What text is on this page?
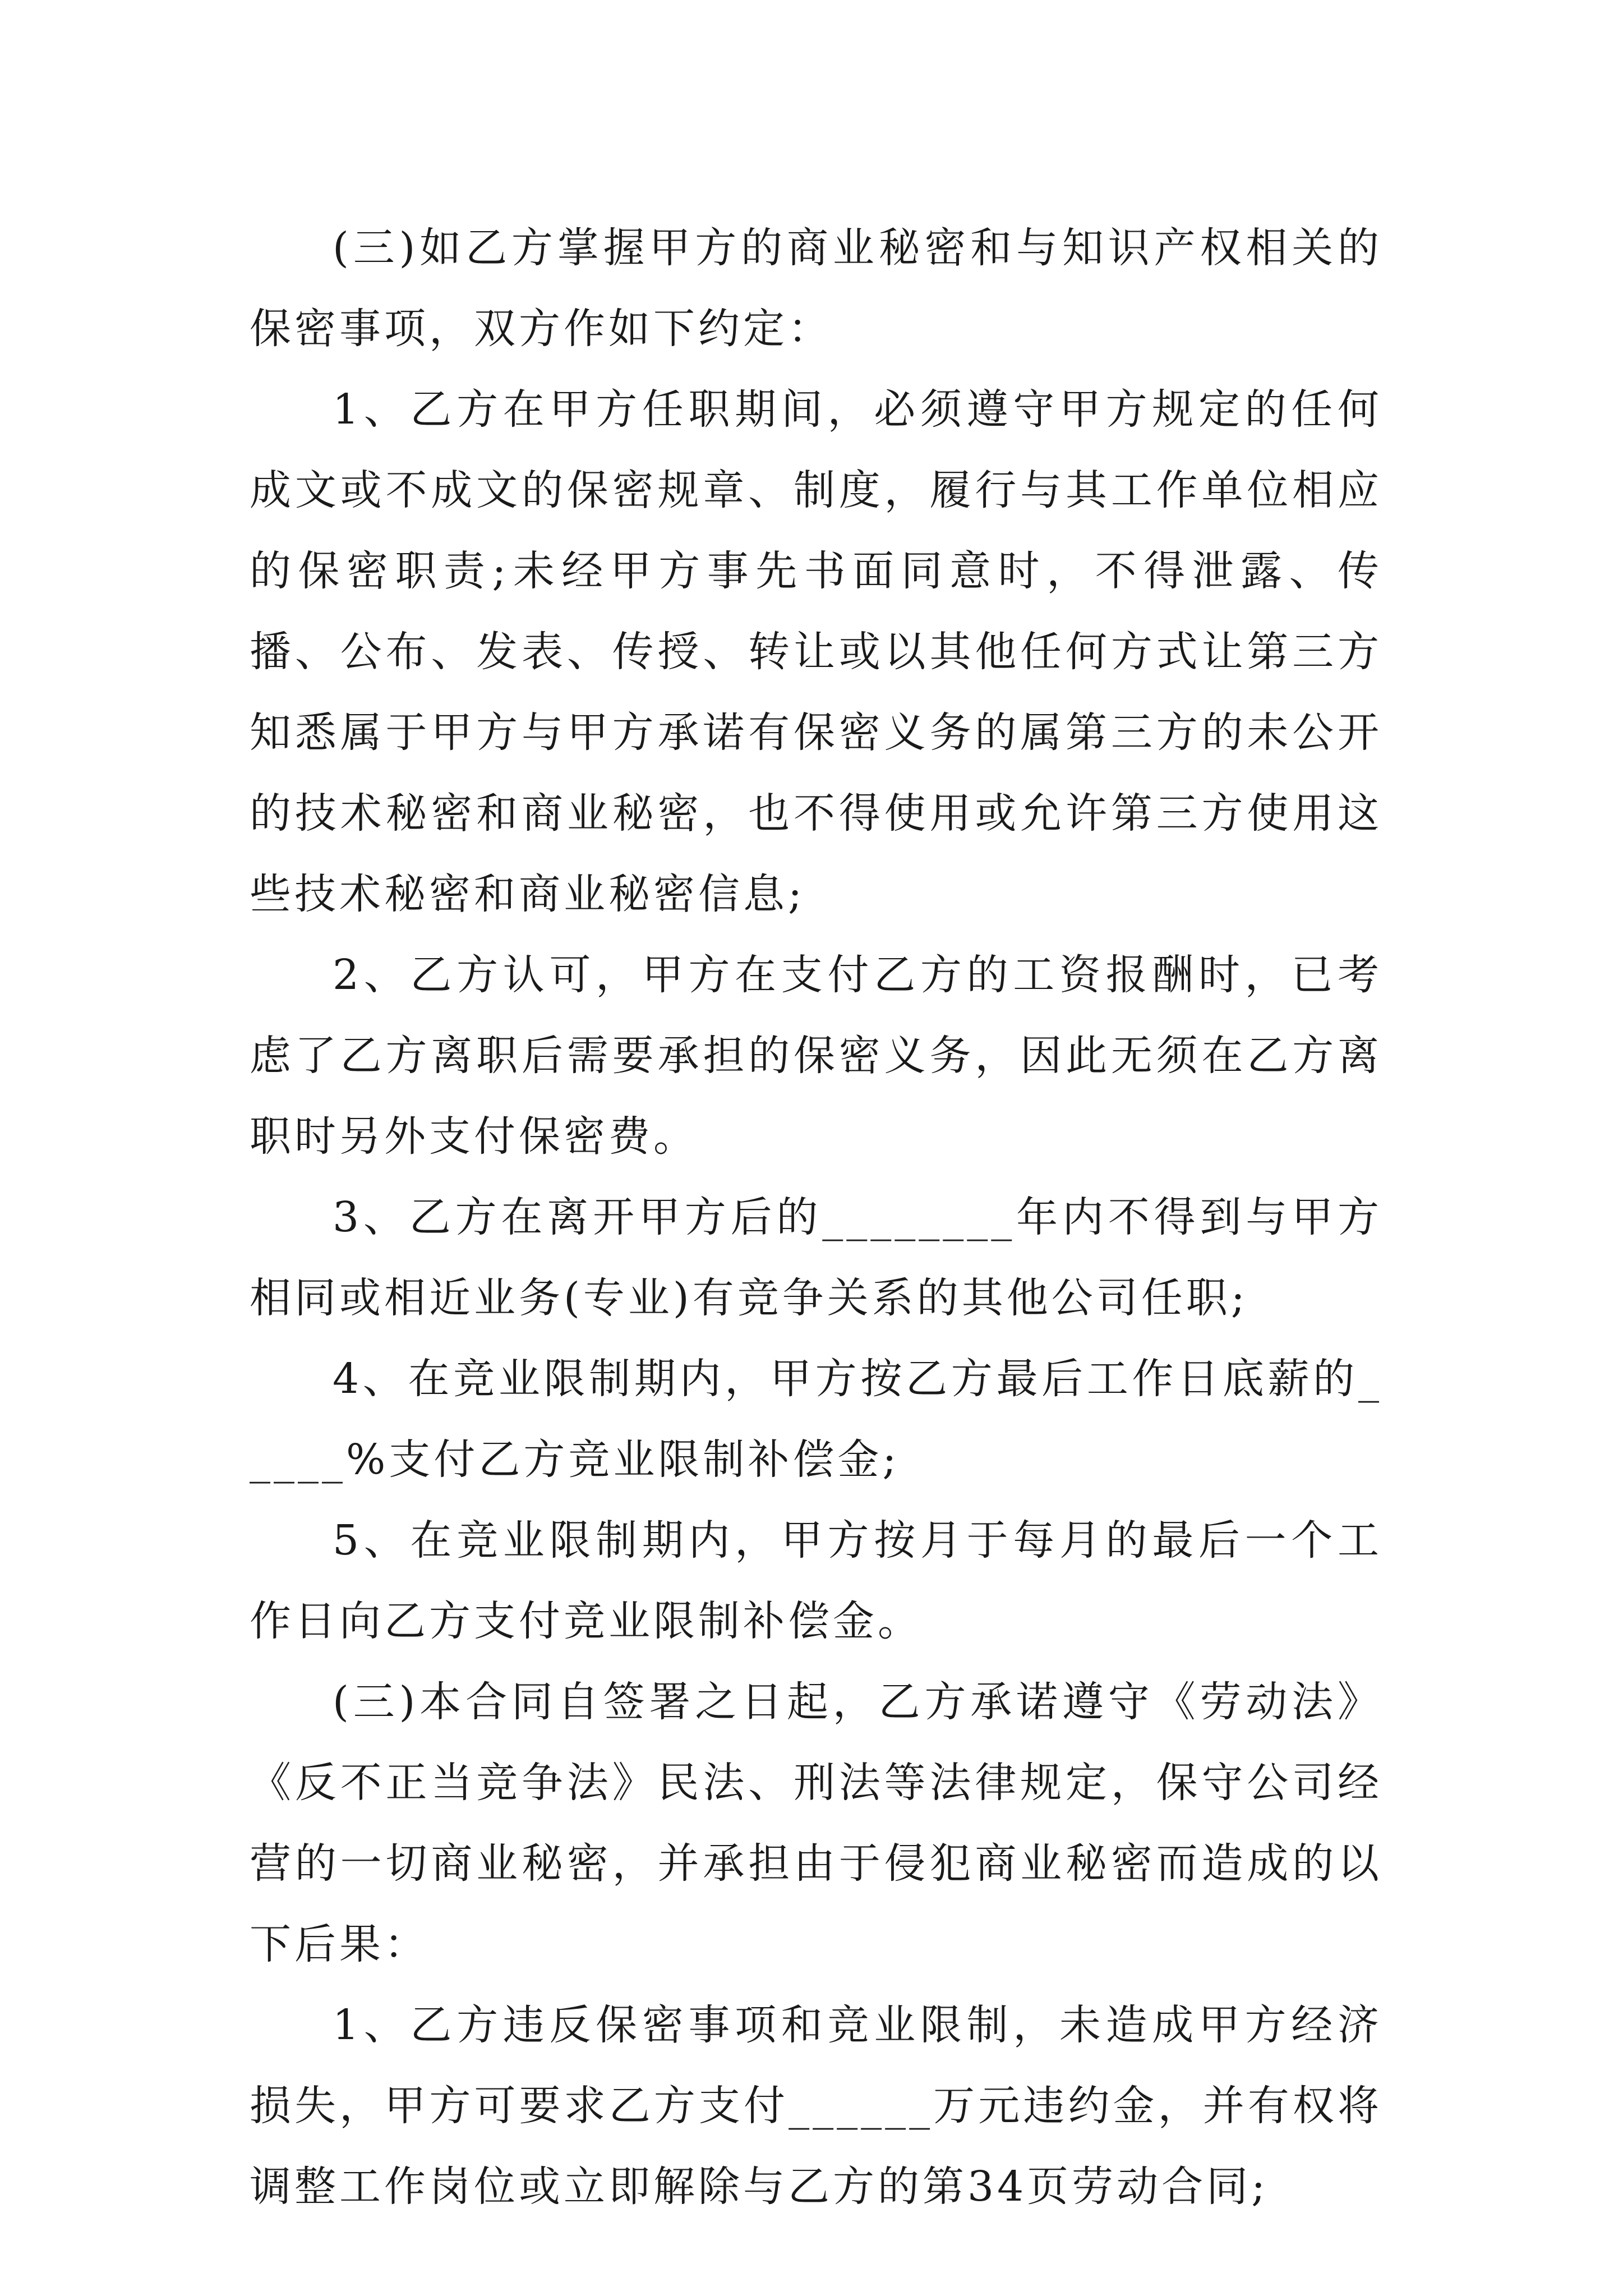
(三)如乙方掌握甲方的商业秘密和与知识产权相关的保密事项，双方作如下约定：

1、乙方在甲方任职期间，必须遵守甲方规定的任何成文或不成文的保密规章、制度，履行与其工作单位相应的保密职责;未经甲方事先书面同意时，不得泄露、传播、公布、发表、传授、转让或以其他任何方式让第三方知悉属于甲方与甲方承诺有保密义务的属第三方的未公开的技术秘密和商业秘密，也不得使用或允许第三方使用这些技术秘密和商业秘密信息;

2、乙方认可，甲方在支付乙方的工资报酬时，已考虑了乙方离职后需要承担的保密义务，因此无须在乙方离职时另外支付保密费。

3、乙方在离开甲方后的________年内不得到与甲方相同或相近业务(专业)有竞争关系的其他公司任职;

4、在竞业限制期内，甲方按乙方最后工作日底薪的_____%支付乙方竞业限制补偿金;

5、在竞业限制期内，甲方按月于每月的最后一个工作日向乙方支付竞业限制补偿金。

(三)本合同自签署之日起，乙方承诺遵守《劳动法》《反不正当竞争法》民法、刑法等法律规定，保守公司经营的一切商业秘密，并承担由于侵犯商业秘密而造成的以下后果：

1、乙方违反保密事项和竞业限制，未造成甲方经济损失，甲方可要求乙方支付______万元违约金，并有权将调整工作岗位或立即解除与乙方的第34页劳动合同;
